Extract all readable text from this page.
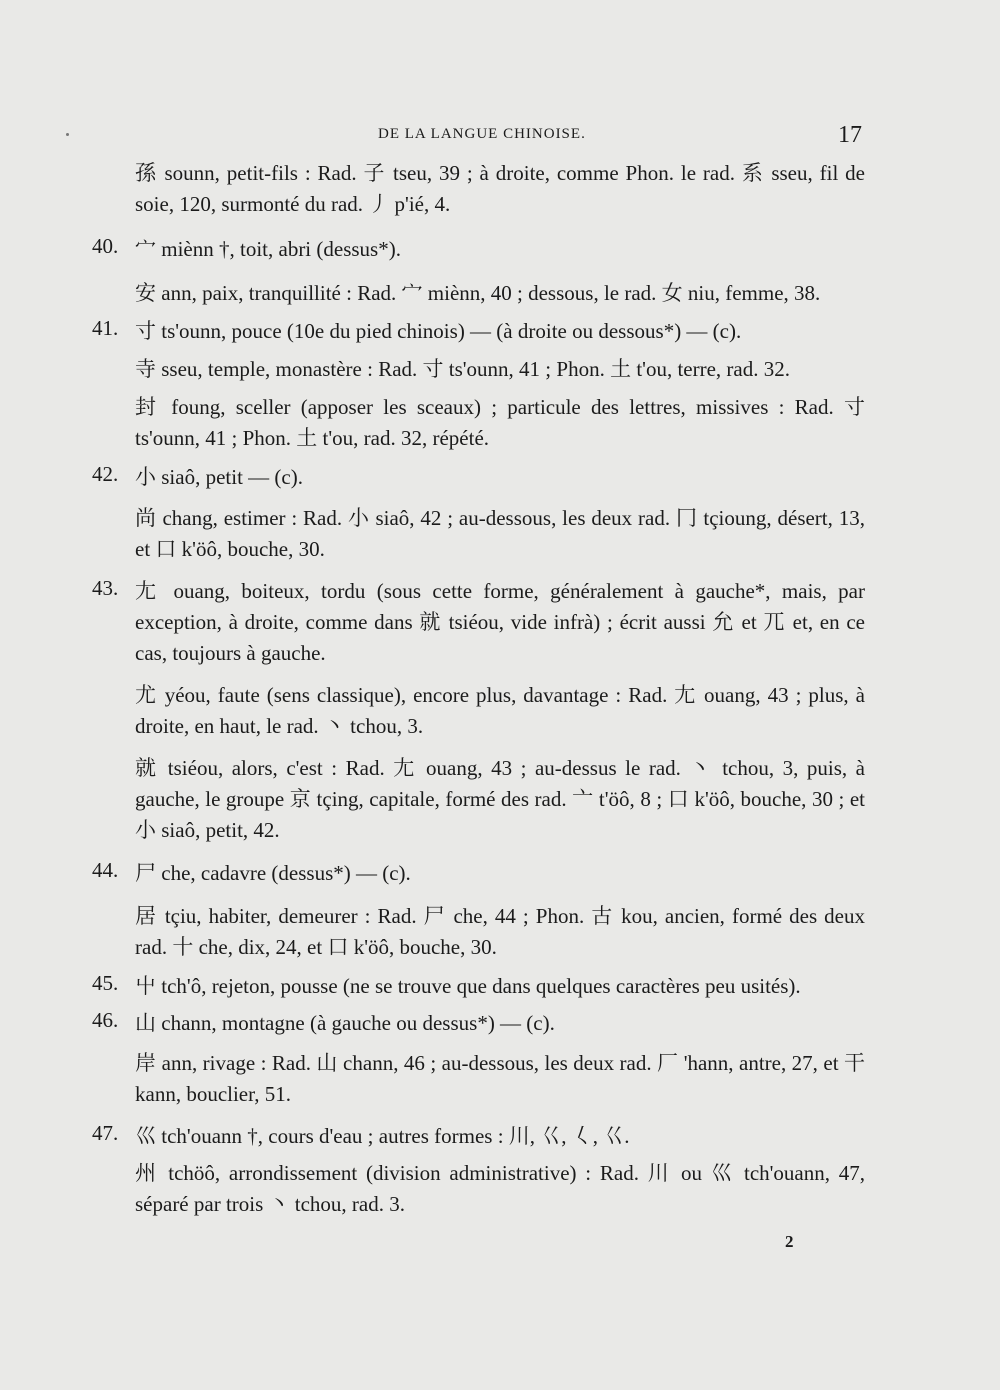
DE LA LANGUE CHINOISE.	17
孫 sounn, petit-fils : Rad. 子 tseu, 39 ; à droite, comme Phon. le rad. 系 sseu, fil de soie, 120, surmonté du rad. 丿 p'ié, 4.
40. 宀 miènn †, toit, abri (dessus*).
安 ann, paix, tranquillité : Rad. 宀 miènn, 40 ; dessous, le rad. 女 niu, femme, 38.
41. 寸 ts'ounn, pouce (10e du pied chinois) — (à droite ou dessous*) — (c).
寺 sseu, temple, monastère : Rad. 寸 ts'ounn, 41 ; Phon. 土 t'ou, terre, rad. 32.
封 foung, sceller (apposer les sceaux) ; particule des lettres, missives : Rad. 寸 ts'ounn, 41 ; Phon. 土 t'ou, rad. 32, répété.
42. 小 siaô, petit — (c).
尚 chang, estimer : Rad. 小 siaô, 42 ; au-dessous, les deux rad. 冂 tçioung, désert, 13, et 口 k'öô, bouche, 30.
43. 尢 ouang, boiteux, tordu (sous cette forme, généralement à gauche*, mais, par exception, à droite, comme dans 就 tsiéou, vide infrà) ; écrit aussi 允 et 兀 et, en ce cas, toujours à gauche.
尤 yéou, faute (sens classique), encore plus, davantage : Rad. 尢 ouang, 43 ; plus, à droite, en haut, le rad. 丶 tchou, 3.
就 tsiéou, alors, c'est : Rad. 尢 ouang, 43 ; au-dessus le rad. 丶 tchou, 3, puis, à gauche, le groupe 京 tçing, capitale, formé des rad. 亠 t'öô, 8 ; 口 k'öô, bouche, 30 ; et 小 siaô, petit, 42.
44. 尸 che, cadavre (dessus*) — (c).
居 tçiu, habiter, demeurer : Rad. 尸 che, 44 ; Phon. 古 kou, ancien, formé des deux rad. 十 che, dix, 24, et 口 k'öô, bouche, 30.
45. 屮 tch'ô, rejeton, pousse (ne se trouve que dans quelques caractères peu usités).
46. 山 chann, montagne (à gauche ou dessus*) — (c).
岸 ann, rivage : Rad. 山 chann, 46 ; au-dessous, les deux rad. 厂 'hann, antre, 27, et 干 kann, bouclier, 51.
47. 巛 tch'ouann †, cours d'eau ; autres formes : 川, 巜, 𡿨, 巜.
州 tchöô, arrondissement (division administrative) : Rad. 川 ou 巛 tch'ouann, 47, séparé par trois 丶 tchou, rad. 3.
2
